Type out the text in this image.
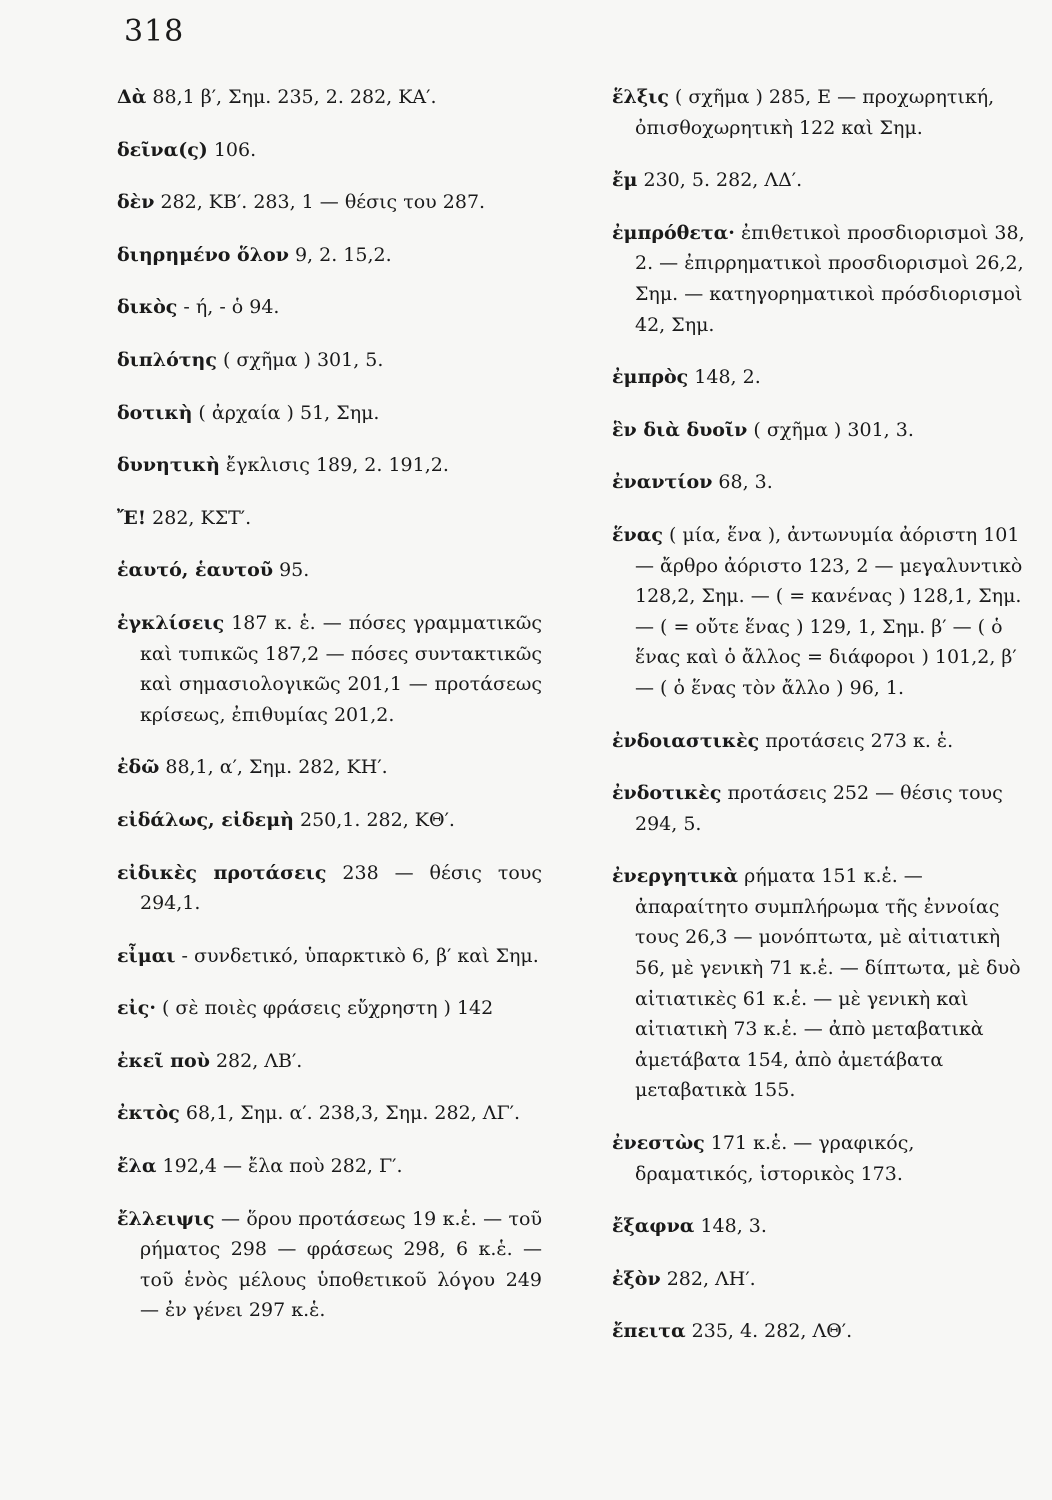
318

Δὰ 88,1 β′, Σημ. 235, 2. 282, ΚΑ′.

δεῖνα(ς) 106.

δὲν 282, ΚΒ′. 283, 1 — θέσις του 287.

διηρημένο ὅλον 9, 2. 15,2.

δικὸς - ή, - ὁ 94.

διπλότης ( σχῆμα ) 301, 5.

δοτικὴ ( ἀρχαία ) 51, Σημ.

δυνητικὴ ἔγκλισις 189, 2. 191,2.

Ἔ! 282, ΚΣΤ′.

ἑαυτό, ἑαυτοῦ 95.

ἐγκλίσεις 187 κ. ἑ. — πόσες γραμματικῶς καὶ τυπικῶς 187,2 — πόσες συντακτικῶς καὶ σημασιολογικῶς 201,1 — προτάσεως κρίσεως, ἐπιθυμίας 201,2.

ἐδῶ 88,1, α′, Σημ. 282, ΚΗ′.

εἰδάλως, εἰδεμὴ 250,1. 282, ΚΘ′.

εἰδικὲς προτάσεις 238 — θέσις τους 294,1.

εἶμαι - συνδετικό, ὑπαρκτικὸ 6, β′ καὶ Σημ.

εἰς· ( σὲ ποιὲς φράσεις εὔχρηστη ) 142

ἐκεῖ ποὺ 282, ΛΒ′.

ἐκτὸς 68,1, Σημ. α′. 238,3, Σημ. 282, ΛΓ′.

ἔλα 192,4 — ἔλα ποὺ 282, Γ′.

ἔλλειψις — ὅρου προτάσεως 19 κ.ἑ. — τοῦ ρήματος 298 — φράσεως 298, 6 κ.ἑ. — τοῦ ἑνὸς μέλους ὑποθετικοῦ λόγου 249 — ἐν γένει 297 κ.ἑ.

ἕλξις ( σχῆμα ) 285, Ε — προχωρητική, ὀπισθοχωρητικὴ 122 καὶ Σημ.

ἔμ 230, 5. 282, ΛΔ′.

ἐμπρόθετα· ἐπιθετικοὶ προσδιορισμοὶ 38, 2. — ἐπιρρηματικοὶ προσδιορισμοὶ 26,2, Σημ. — κατηγορηματικοὶ πρόσδιορισμοὶ 42, Σημ.

ἐμπρὸς 148, 2.

ἓν διὰ δυοῖν ( σχῆμα ) 301, 3.

ἐναντίον 68, 3.

ἕνας ( μία, ἕνα ), ἀντωνυμία ἀόριστη 101 — ἄρθρο ἀόριστο 123, 2 — μεγαλυντικὸ 128,2, Σημ. — ( = κανένας ) 128,1, Σημ. — ( = οὔτε ἕνας ) 129, 1, Σημ. β′ — ( ὁ ἕνας καὶ ὁ ἄλλος = διάφοροι ) 101,2, β′ — ( ὁ ἕνας τὸν ἄλλο ) 96, 1.

ἐνδοιαστικὲς προτάσεις 273 κ. ἑ.

ἐνδοτικὲς προτάσεις 252 — θέσις τους 294, 5.

ἐνεργητικὰ ρήματα 151 κ.ἑ. — ἀπαραίτητο συμπλήρωμα τῆς ἐννοίας τους 26,3 — μονόπτωτα, μὲ αἰτιατικὴ 56, μὲ γενικὴ 71 κ.ἑ. — δίπτωτα, μὲ δυὸ αἰτιατικὲς 61 κ.ἑ. — μὲ γενικὴ καὶ αἰτιατικὴ 73 κ.ἑ. — ἀπὸ μεταβατικὰ ἀμετάβατα 154, ἀπὸ ἀμετάβατα μεταβατικὰ 155.

ἐνεστὼς 171 κ.ἑ. — γραφικός, δραματικός, ἱστορικὸς 173.

ἔξαφνα 148, 3.

ἐξὸν 282, ΛΗ′.

ἔπειτα 235, 4. 282, ΛΘ′.
